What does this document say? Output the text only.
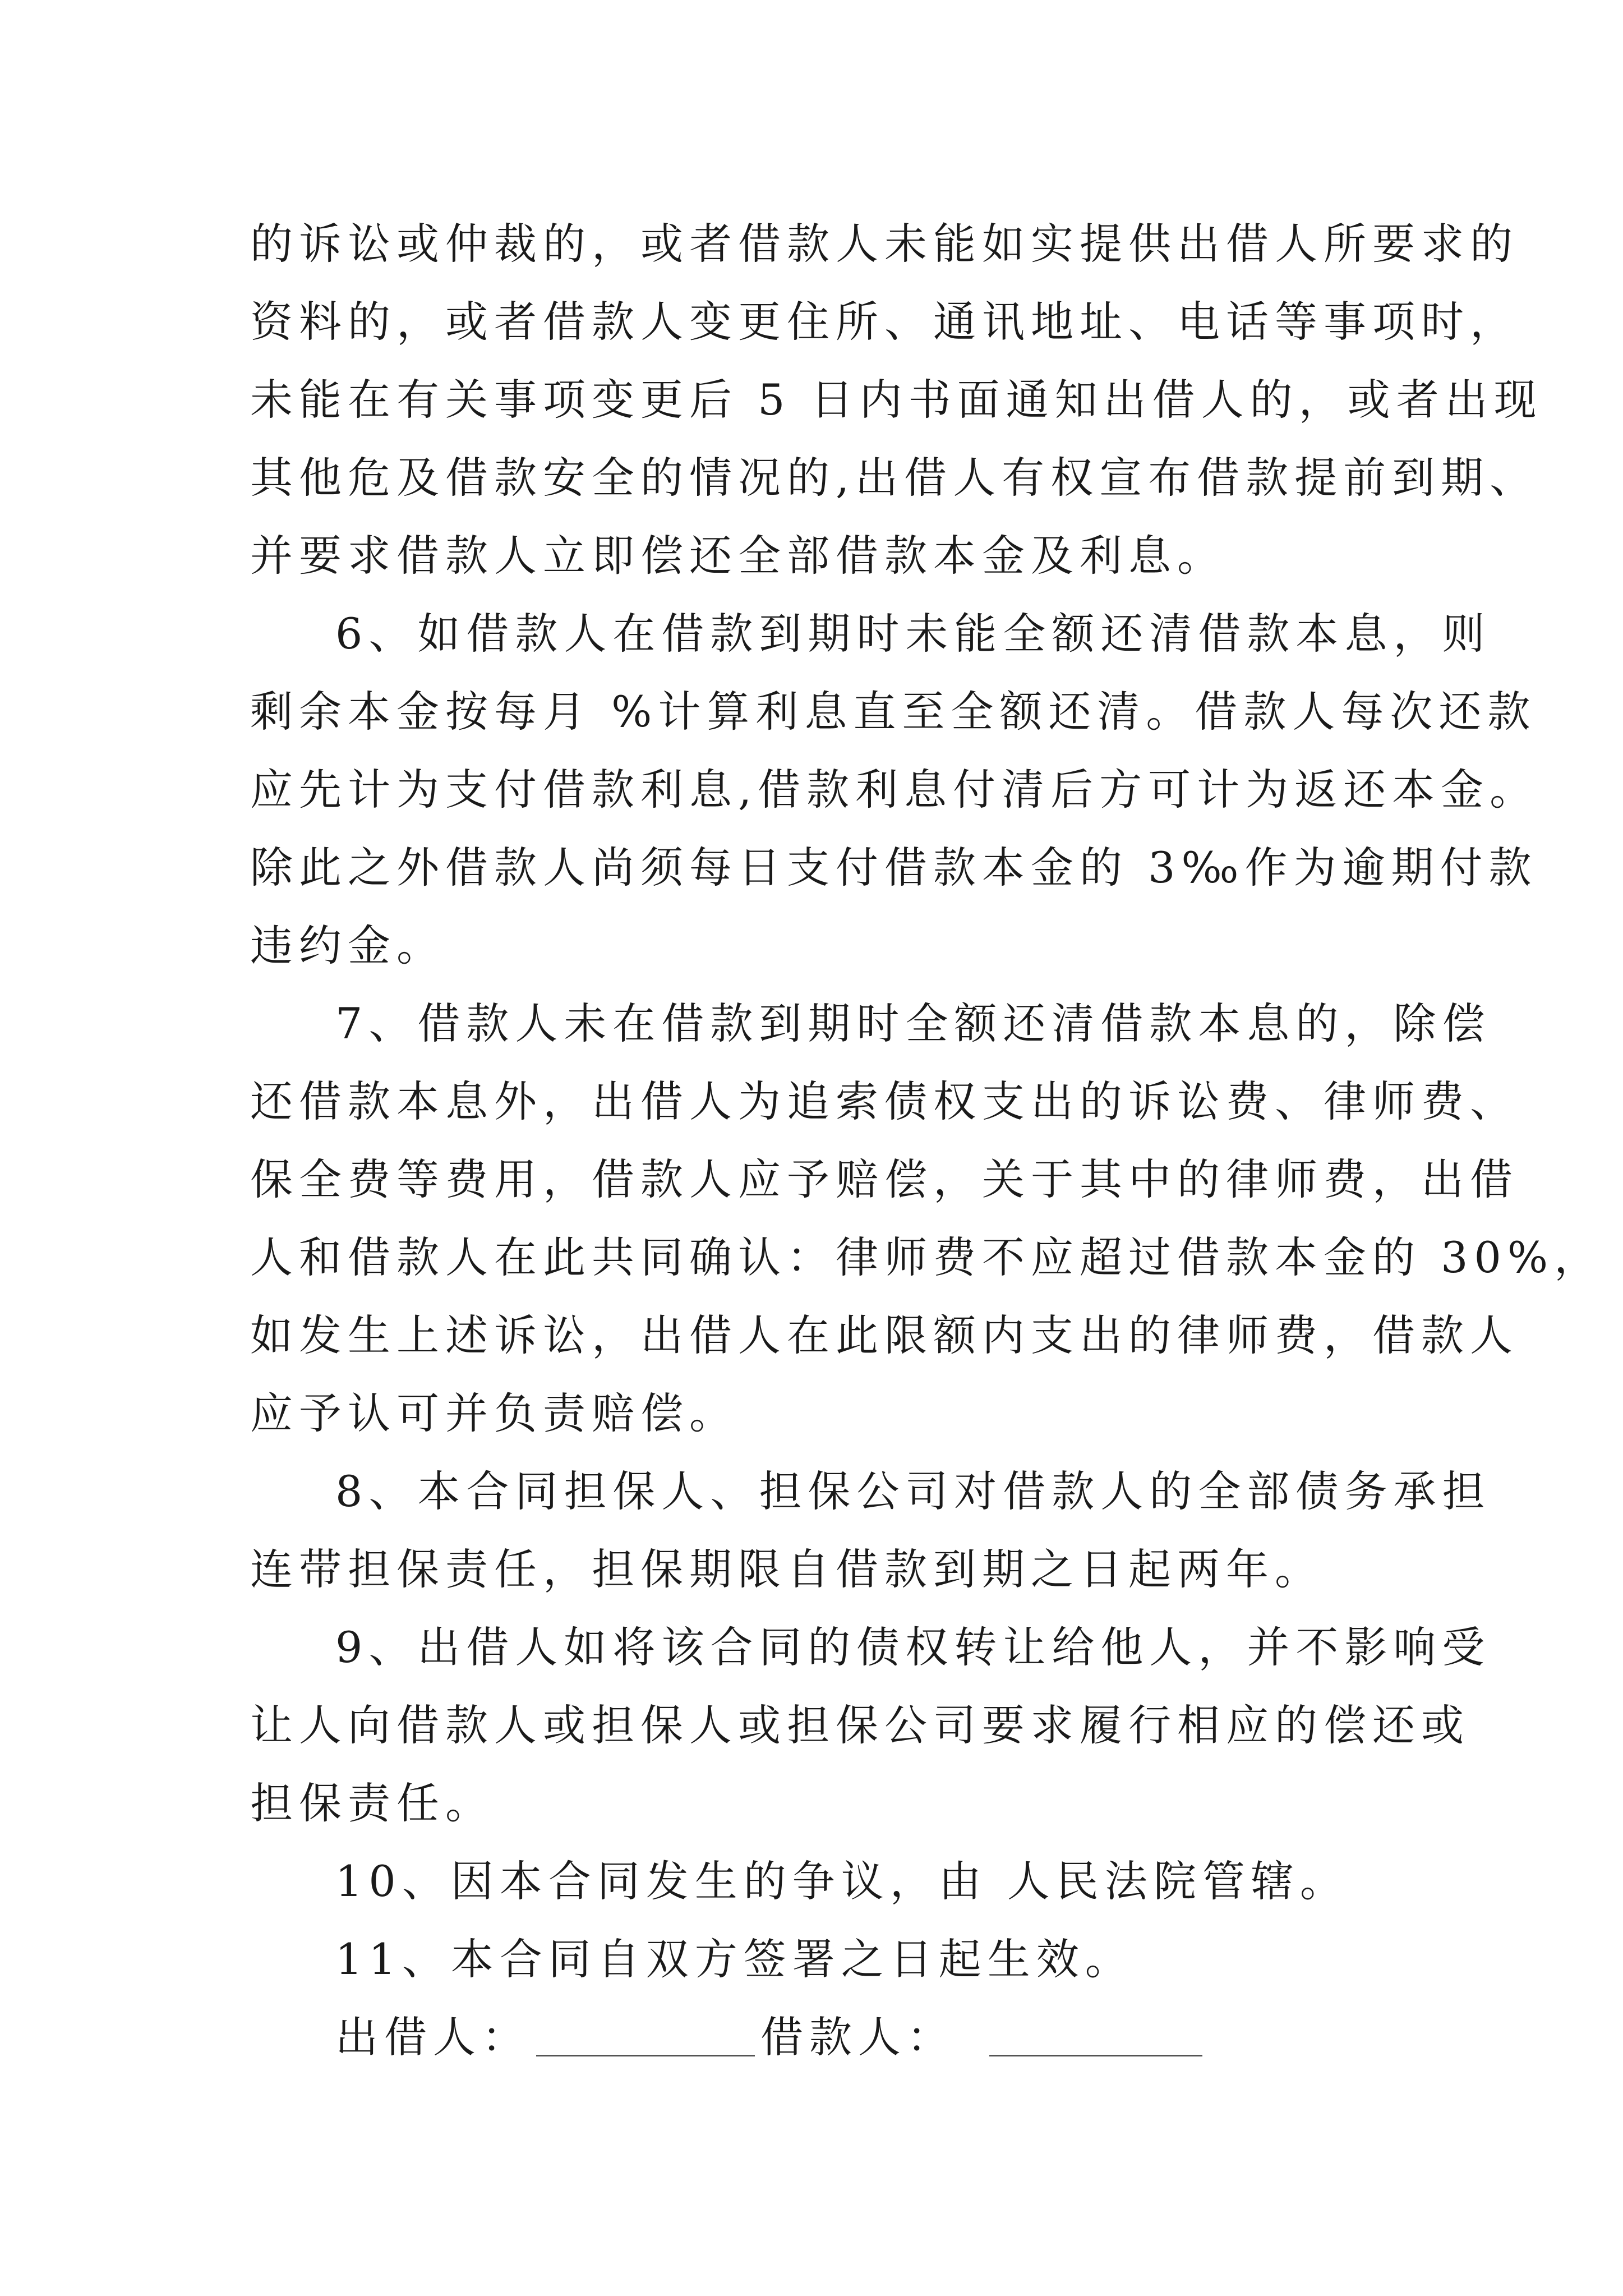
的诉讼或仲裁的，或者借款人未能如实提供出借人所要求的
资料的，或者借款人变更住所、通讯地址、电话等事项时，
未能在有关事项变更后 5 日内书面通知出借人的，或者出现
其他危及借款安全的情况的,出借人有权宣布借款提前到期、
并要求借款人立即偿还全部借款本金及利息。
6、如借款人在借款到期时未能全额还清借款本息，则
剩余本金按每月 %计算利息直至全额还清。借款人每次还款
应先计为支付借款利息,借款利息付清后方可计为返还本金。
除此之外借款人尚须每日支付借款本金的 3‰作为逾期付款
违约金。
7、借款人未在借款到期时全额还清借款本息的，除偿
还借款本息外，出借人为追索债权支出的诉讼费、律师费、
保全费等费用，借款人应予赔偿，关于其中的律师费，出借
人和借款人在此共同确认：律师费不应超过借款本金的 30%，
如发生上述诉讼，出借人在此限额内支出的律师费，借款人
应予认可并负责赔偿。
8、本合同担保人、担保公司对借款人的全部债务承担
连带担保责任，担保期限自借款到期之日起两年。
9、出借人如将该合同的债权转让给他人，并不影响受
让人向借款人或担保人或担保公司要求履行相应的偿还或
担保责任。
10、因本合同发生的争议，由 人民法院管辖。
11、本合同自双方签署之日起生效。
出借人：	借款人：
